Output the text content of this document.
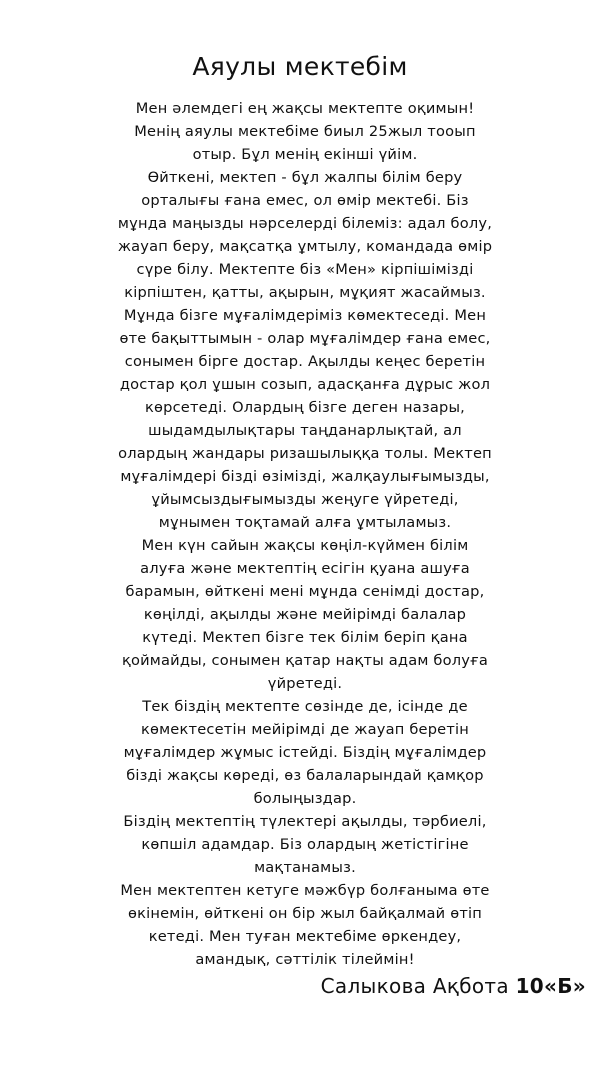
Аяулы мектебім
Мен әлемдегі ең жақсы мектепте оқимын!
Менің аяулы мектебіме биыл 25жыл тооып
отыр. Бұл менің екінші үйім.
Өйткені, мектеп - бұл жалпы білім беру
орталығы ғана емес, ол өмір мектебі. Біз
мұнда маңызды нәрселерді білеміз: адал болу,
жауап беру, мақсатқа ұмтылу, командада өмір
сүре білу. Мектепте біз «Мен» кірпішімізді
кірпіштен, қатты, ақырын, мұқият жасаймыз.
Мұнда бізге мұғалімдеріміз көмектеседі. Мен
өте бақыттымын - олар мұғалімдер ғана емес,
сонымен бірге достар. Ақылды кеңес беретін
достар қол ұшын созып, адасқанға дұрыс жол
көрсетеді. Олардың бізге деген назары,
шыдамдылықтары таңданарлықтай, ал
олардың жандары ризашылыққа толы. Мектеп
мұғалімдері бізді өзімізді, жалқаулығымызды,
ұйымсыздығымызды жеңуге үйретеді,
мұнымен тоқтамай алға ұмтыламыз.
Мен күн сайын жақсы көңіл-күймен білім
алуға және мектептің есігін қуана ашуға
барамын, өйткені мені мұнда сенімді достар,
көңілді, ақылды және мейірімді балалар
күтеді. Мектеп бізге тек білім беріп қана
қоймайды, сонымен қатар нақты адам болуға
үйретеді.
Тек біздің мектепте сөзінде де, ісінде де
көмектесетін мейірімді де жауап беретін
мұғалімдер жұмыс істейді. Біздің мұғалімдер
бізді жақсы көреді, өз балаларындай қамқор
болыңыздар.
Біздің мектептің түлектері ақылды, тәрбиелі,
көпшіл адамдар. Біз олардың жетістігіне
мақтанамыз.
Мен мектептен кетуге мәжбүр болғаныма өте
өкінемін, өйткені он бір жыл байқалмай өтіп
кетеді. Мен туған мектебіме өркендеу,
амандық, сәттілік тілеймін!
Салыкова Ақбота 10«Б»
